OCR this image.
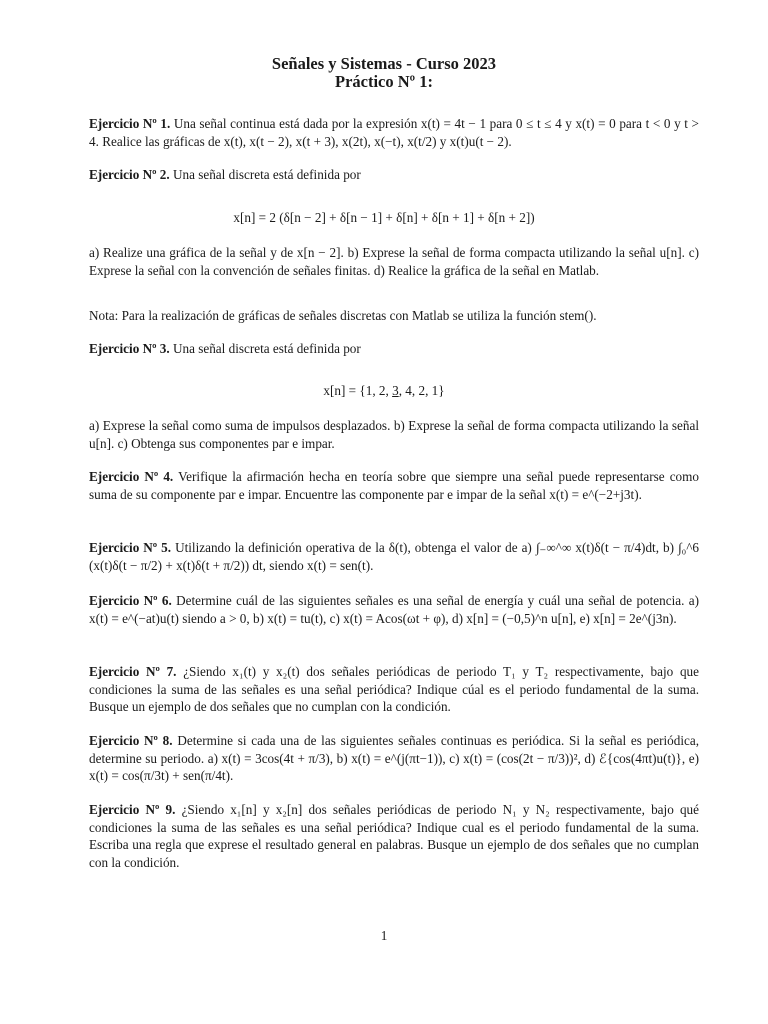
Señales y Sistemas - Curso 2023
Práctico Nº 1:

Ejercicio Nº 1. Una señal continua está dada por la expresión x(t) = 4t − 1 para 0 ≤ t ≤ 4 y x(t) = 0 para t < 0 y t > 4. Realice las gráficas de x(t), x(t − 2), x(t + 3), x(2t), x(−t), x(t/2) y x(t)u(t − 2).

Ejercicio Nº 2. Una señal discreta está definida por

x[n] = 2 (δ[n − 2] + δ[n − 1] + δ[n] + δ[n + 1] + δ[n + 2])

a) Realize una gráfica de la señal y de x[n − 2]. b) Exprese la señal de forma compacta utilizando la señal u[n]. c) Exprese la señal con la convención de señales finitas. d) Realice la gráfica de la señal en Matlab.

Nota: Para la realización de gráficas de señales discretas con Matlab se utiliza la función stem().

Ejercicio Nº 3. Una señal discreta está definida por

x[n] = {1, 2, 3, 4, 2, 1}

a) Exprese la señal como suma de impulsos desplazados. b) Exprese la señal de forma compacta utilizando la señal u[n]. c) Obtenga sus componentes par e impar.

Ejercicio Nº 4. Verifique la afirmación hecha en teoría sobre que siempre una señal puede representarse como suma de su componente par e impar. Encuentre las componente par e impar de la señal x(t) = e^(−2+j3t).

Ejercicio Nº 5. Utilizando la definición operativa de la δ(t), obtenga el valor de a) ∫₋∞^∞ x(t)δ(t − π/4)dt, b) ∫₀^6 (x(t)δ(t − π/2) + x(t)δ(t + π/2)) dt, siendo x(t) = sen(t).

Ejercicio Nº 6. Determine cuál de las siguientes señales es una señal de energía y cuál una señal de potencia. a) x(t) = e^(−at)u(t) siendo a > 0, b) x(t) = tu(t), c) x(t) = Acos(ωt + φ), d) x[n] = (−0,5)^n u[n], e) x[n] = 2e^(j3n).

Ejercicio Nº 7. ¿Siendo x₁(t) y x₂(t) dos señales periódicas de periodo T₁ y T₂ respectivamente, bajo que condiciones la suma de las señales es una señal periódica? Indique cúal es el periodo fundamental de la suma. Busque un ejemplo de dos señales que no cumplan con la condición.

Ejercicio Nº 8. Determine si cada una de las siguientes señales continuas es periódica. Si la señal es periódica, determine su periodo. a) x(t) = 3cos(4t + π/3), b) x(t) = e^(j(πt−1)), c) x(t) = (cos(2t − π/3))², d) ℰ{cos(4πt)u(t)}, e) x(t) = cos(π/3t) + sen(π/4t).

Ejercicio Nº 9. ¿Siendo x₁[n] y x₂[n] dos señales periódicas de periodo N₁ y N₂ respectivamente, bajo qué condiciones la suma de las señales es una señal periódica? Indique cual es el periodo fundamental de la suma. Escriba una regla que exprese el resultado general en palabras. Busque un ejemplo de dos señales que no cumplan con la condición.

1
